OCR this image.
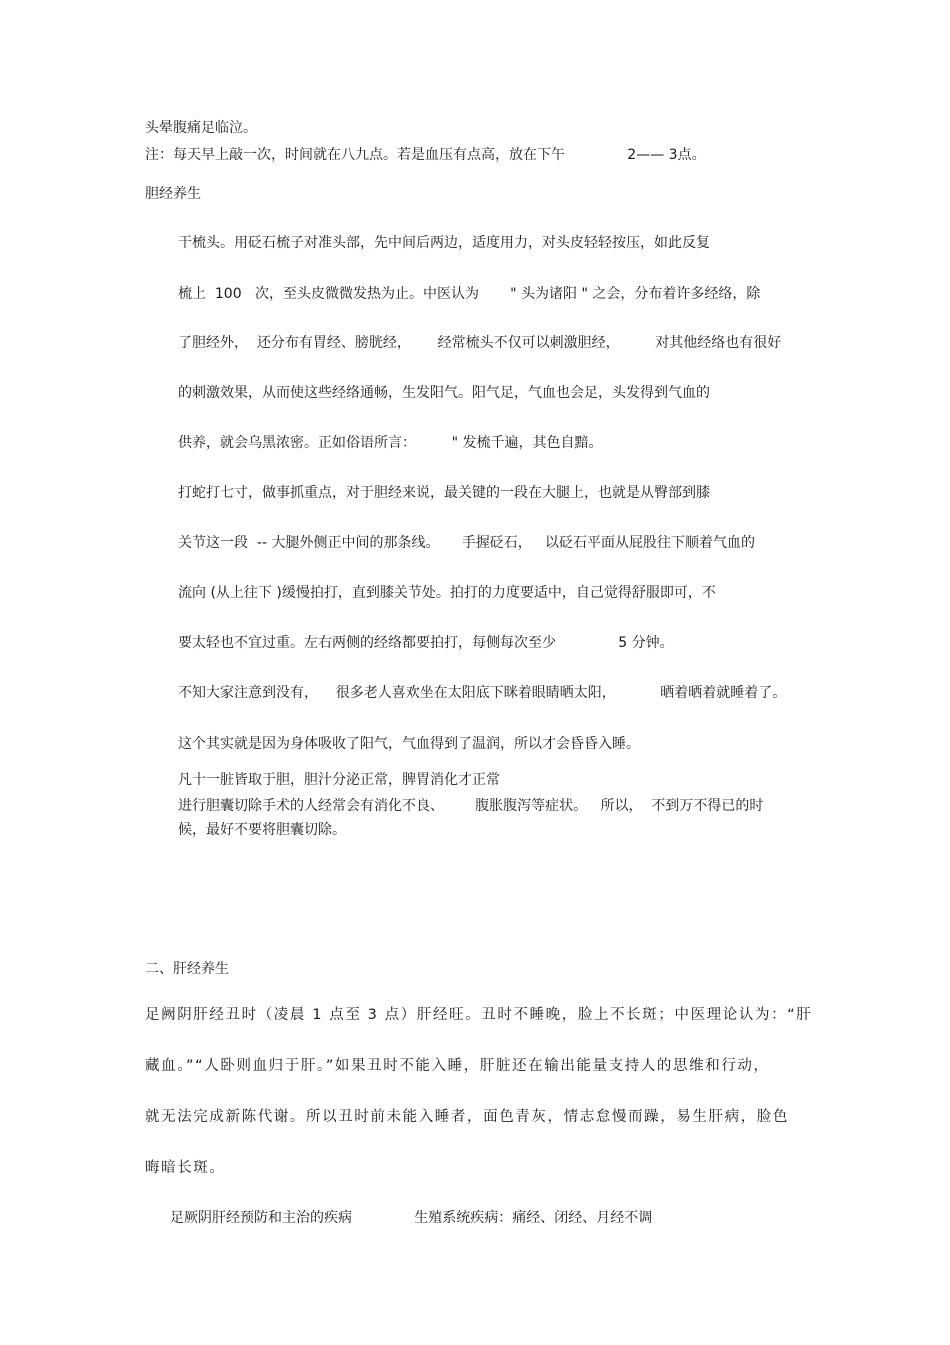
头晕腹痛足临泣。
注：每天早上敲一次，时间就在八九点。若是血压有点高，放在下午              2—— 3点。
胆经养生
干梳头。用砭石梳子对准头部，先中间后两边，适度用力，对头皮轻轻按压，如此反复
梳上  100   次，至头皮微微发热为止。中医认为       " 头为诸阳 " 之会，分布着许多经络，除
了胆经外，  还分布有胃经、膀胱经，      经常梳头不仅可以刺激胆经，        对其他经络也有很好
的刺激效果，从而使这些经络通畅，生发阳气。阳气足，气血也会足，头发得到气血的
供养，就会乌黑浓密。正如俗语所言：        " 发梳千遍，其色自黯。
打蛇打七寸，做事抓重点，对于胆经来说，最关键的一段在大腿上，也就是从臀部到膝
关节这一段  -- 大腿外侧正中间的那条线。     手握砭石，   以砭石平面从屁股往下顺着气血的
流向 (从上往下 )缓慢拍打，直到膝关节处。拍打的力度要适中，自己觉得舒服即可，不
要太轻也不宜过重。左右两侧的经络都要拍打，每侧每次至少              5 分钟。
不知大家注意到没有，    很多老人喜欢坐在太阳底下眯着眼睛晒太阳，          晒着晒着就睡着了。
这个其实就是因为身体吸收了阳气，气血得到了温润，所以才会昏昏入睡。
凡十一脏皆取于胆，胆汁分泌正常，脾胃消化才正常
进行胆囊切除手术的人经常会有消化不良、       腹胀腹泻等症状。   所以，  不到万不得已的时
候，最好不要将胆囊切除。
二、肝经养生
足阙阴肝经丑时（凌晨 1 点至 3 点）肝经旺。丑时不睡晚，脸上不长斑；中医理论认为：“肝
藏血。”“人卧则血归于肝。”如果丑时不能入睡，肝脏还在输出能量支持人的思维和行动，
就无法完成新陈代谢。所以丑时前未能入睡者，面色青灰，情志怠慢而躁，易生肝病，脸色
晦暗长斑。
足厥阴肝经预防和主治的疾病              生殖系统疾病：痛经、闭经、月经不调
